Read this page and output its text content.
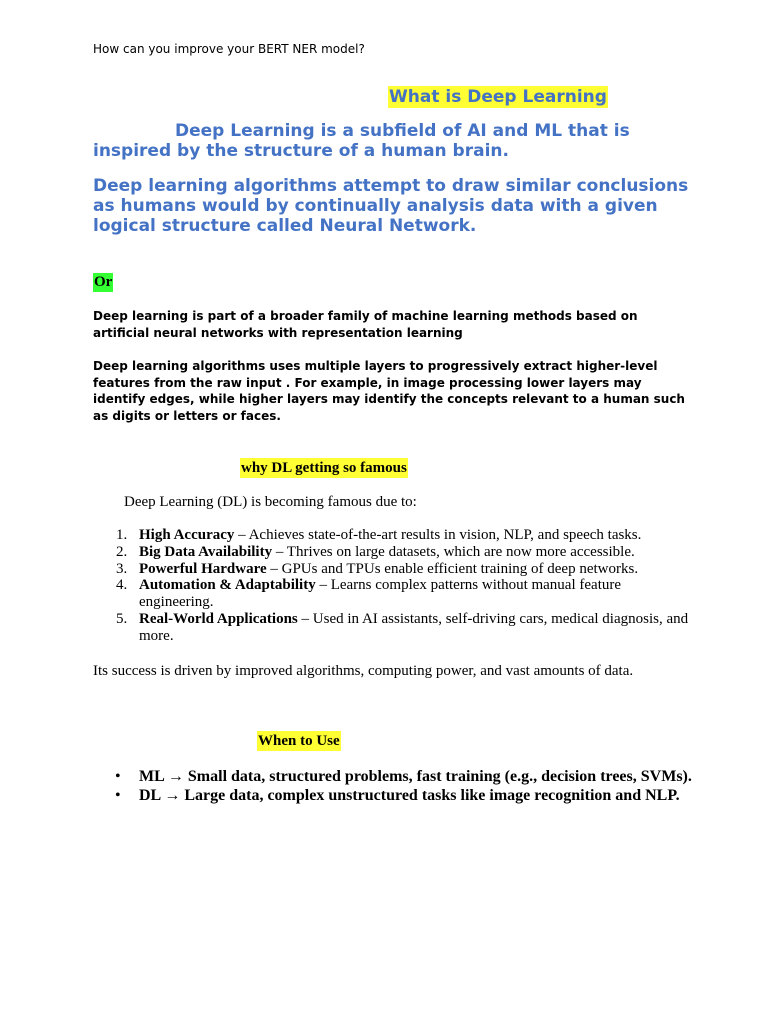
How can you improve your BERT NER model?
What is Deep Learning
Deep Learning is a subfield of AI and ML that is inspired by the structure of a human brain.
Deep learning algorithms attempt to draw similar conclusions as humans would by continually analysis data with a given logical structure called Neural Network.
Or
Deep learning is part of a broader family of machine learning methods based on artificial neural networks with representation learning
Deep learning algorithms uses multiple layers to progressively extract higher-level features from the raw input . For example, in image processing lower layers may identify edges, while higher layers may identify the concepts relevant to a human such as digits or letters or faces.
why DL getting so famous
Deep Learning (DL) is becoming famous due to:
1. High Accuracy – Achieves state-of-the-art results in vision, NLP, and speech tasks.
2. Big Data Availability – Thrives on large datasets, which are now more accessible.
3. Powerful Hardware – GPUs and TPUs enable efficient training of deep networks.
4. Automation & Adaptability – Learns complex patterns without manual feature engineering.
5. Real-World Applications – Used in AI assistants, self-driving cars, medical diagnosis, and more.
Its success is driven by improved algorithms, computing power, and vast amounts of data.
When to Use
• ML → Small data, structured problems, fast training (e.g., decision trees, SVMs).
• DL → Large data, complex unstructured tasks like image recognition and NLP.
